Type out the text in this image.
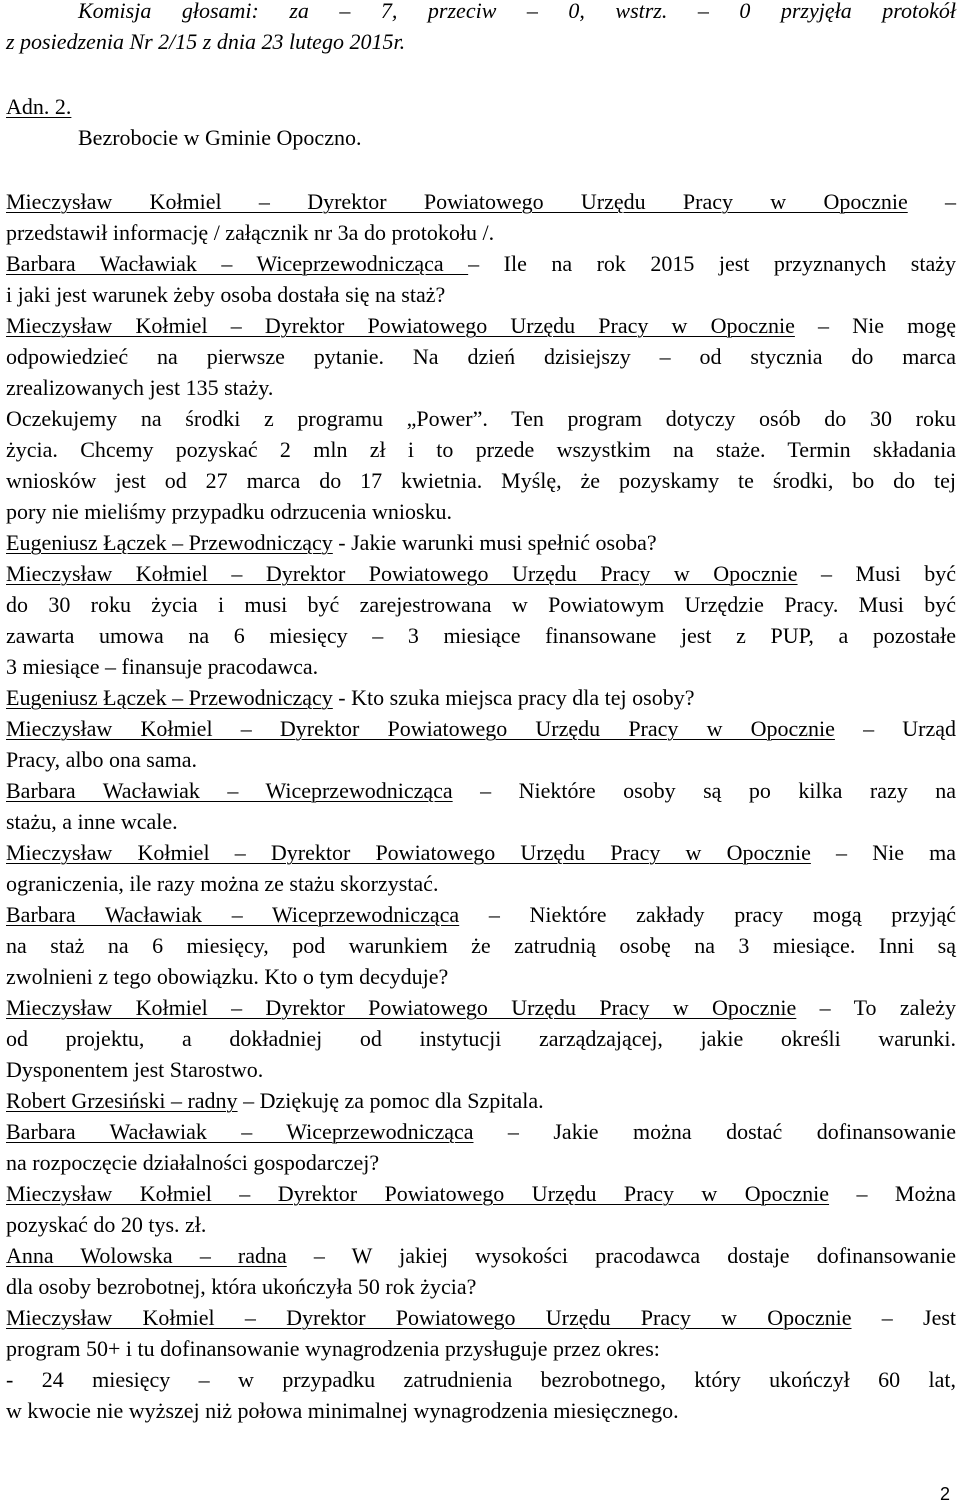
Komisja głosami: za – 7, przeciw – 0, wstrz. – 0 przyjęła protokół
z posiedzenia Nr 2/15 z dnia 23 lutego 2015r.
Adn. 2.
Bezrobocie w Gminie Opoczno.
Mieczysław Kołmiel – Dyrektor Powiatowego Urzędu Pracy w Opocznie –
przedstawił informację / załącznik nr 3a do protokołu /.
Barbara Wacławiak – Wiceprzewodnicząca – Ile na rok 2015 jest przyznanych staży
i jaki jest warunek żeby osoba dostała się na staż?
Mieczysław Kołmiel – Dyrektor Powiatowego Urzędu Pracy w Opocznie – Nie mogę
odpowiedzieć na pierwsze pytanie. Na dzień dzisiejszy – od stycznia do marca
zrealizowanych jest 135 staży.
Oczekujemy na środki z programu „Power”. Ten program dotyczy osób do 30 roku
życia. Chcemy pozyskać 2 mln zł i to przede wszystkim na staże. Termin składania
wniosków jest od 27 marca do 17 kwietnia. Myślę, że pozyskamy te środki, bo do tej
pory nie mieliśmy przypadku odrzucenia wniosku.
Eugeniusz Łączek – Przewodniczący - Jakie warunki musi spełnić osoba?
Mieczysław Kołmiel – Dyrektor Powiatowego Urzędu Pracy w Opocznie – Musi być
do 30 roku życia i musi być zarejestrowana w Powiatowym Urzędzie Pracy. Musi być
zawarta umowa na 6 miesięcy – 3 miesiące finansowane jest z PUP, a pozostałe
3 miesiące – finansuje pracodawca.
Eugeniusz Łączek – Przewodniczący - Kto szuka miejsca pracy dla tej osoby?
Mieczysław Kołmiel – Dyrektor Powiatowego Urzędu Pracy w Opocznie – Urząd
Pracy, albo ona sama.
Barbara Wacławiak – Wiceprzewodnicząca – Niektóre osoby są po kilka razy na
stażu, a inne wcale.
Mieczysław Kołmiel – Dyrektor Powiatowego Urzędu Pracy w Opocznie – Nie ma
ograniczenia, ile razy można ze stażu skorzystać.
Barbara Wacławiak – Wiceprzewodnicząca – Niektóre zakłady pracy mogą przyjąć
na staż na 6 miesięcy, pod warunkiem że zatrudnią osobę na 3 miesiące. Inni są
zwolnieni z tego obowiązku. Kto o tym decyduje?
Mieczysław Kołmiel – Dyrektor Powiatowego Urzędu Pracy w Opocznie – To zależy
od projektu, a dokładniej od instytucji zarządzającej, jakie określi warunki.
Dysponentem jest Starostwo.
Robert Grzesiński – radny – Dziękuję za pomoc dla Szpitala.
Barbara Wacławiak – Wiceprzewodnicząca – Jakie można dostać dofinansowanie
na rozpoczęcie działalności gospodarczej?
Mieczysław Kołmiel – Dyrektor Powiatowego Urzędu Pracy w Opocznie – Można
pozyskać do 20 tys. zł.
Anna Wolowska – radna – W jakiej wysokości pracodawca dostaje dofinansowanie
dla osoby bezrobotnej, która ukończyła 50 rok życia?
Mieczysław Kołmiel – Dyrektor Powiatowego Urzędu Pracy w Opocznie – Jest
program 50+ i tu dofinansowanie wynagrodzenia przysługuje przez okres:
- 24 miesięcy – w przypadku zatrudnienia bezrobotnego, który ukończył 60 lat,
w kwocie nie wyższej niż połowa minimalnej wynagrodzenia miesięcznego.
2
